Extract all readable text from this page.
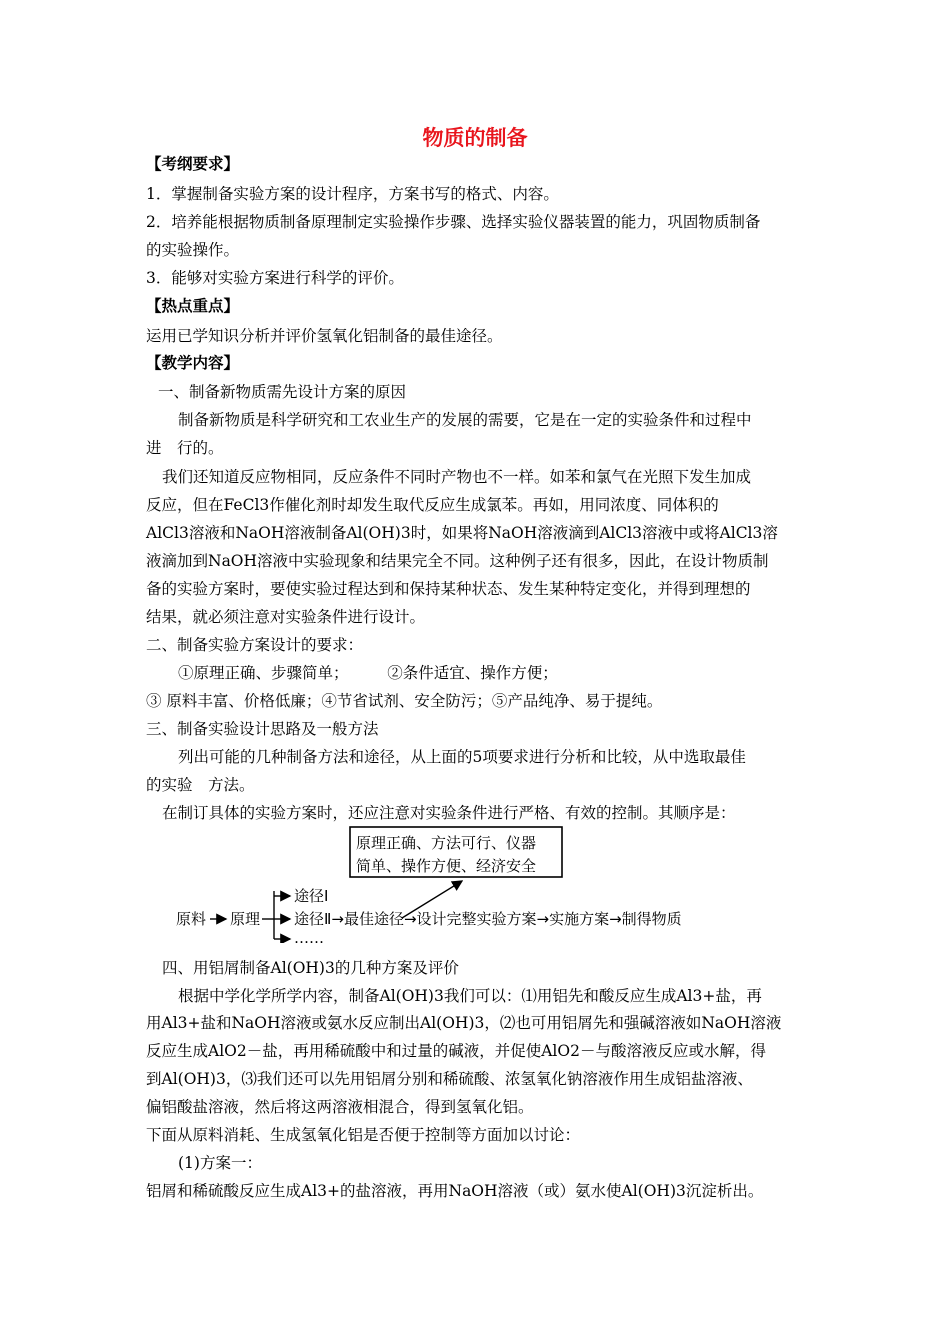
物质的制备
【考纲要求】
1．掌握制备实验方案的设计程序，方案书写的格式、内容。
2．培养能根据物质制备原理制定实验操作步骤、选择实验仪器装置的能力，巩固物质制备
的实验操作。
3．能够对实验方案进行科学的评价。
【热点重点】
运用已学知识分析并评价氢氧化铝制备的最佳途径。
【教学内容】
一、制备新物质需先设计方案的原因
制备新物质是科学研究和工农业生产的发展的需要，它是在一定的实验条件和过程中
进　行的。
我们还知道反应物相同，反应条件不同时产物也不一样。如苯和氯气在光照下发生加成
反应，但在FeCl3作催化剂时却发生取代反应生成氯苯。再如，用同浓度、同体积的
AlCl3溶液和NaOH溶液制备Al(OH)3时，如果将NaOH溶液滴到AlCl3溶液中或将AlCl3溶
液滴加到NaOH溶液中实验现象和结果完全不同。这种例子还有很多，因此，在设计物质制
备的实验方案时，要使实验过程达到和保持某种状态、发生某种特定变化，并得到理想的
结果，就必须注意对实验条件进行设计。
二、制备实验方案设计的要求：
①原理正确、步骤简单；　　　②条件适宜、操作方便；
③ 原料丰富、价格低廉；④节省试剂、安全防污；⑤产品纯净、易于提纯。
三、制备实验设计思路及一般方法
列出可能的几种制备方法和途径，从上面的5项要求进行分析和比较，从中选取最佳
的实验　方法。
在制订具体的实验方案时，还应注意对实验条件进行严格、有效的控制。其顺序是：
原理正确、方法可行、仪器
简单、操作方便、经济安全
原料 原理
途径Ⅰ
途径Ⅱ→最佳途径→设计完整实验方案→实施方案→制得物质
……
四、用铝屑制备Al(OH)3的几种方案及评价
根据中学化学所学内容，制备Al(OH)3我们可以：⑴用铝先和酸反应生成Al3+盐，再
用Al3+盐和NaOH溶液或氨水反应制出Al(OH)3，⑵也可用铝屑先和强碱溶液如NaOH溶液
反应生成AlO2－盐，再用稀硫酸中和过量的碱液，并促使AlO2－与酸溶液反应或水解，得
到Al(OH)3，⑶我们还可以先用铝屑分别和稀硫酸、浓氢氧化钠溶液作用生成铝盐溶液、
偏铝酸盐溶液，然后将这两溶液相混合，得到氢氧化铝。
下面从原料消耗、生成氢氧化铝是否便于控制等方面加以讨论：
(1)方案一：
铝屑和稀硫酸反应生成Al3+的盐溶液，再用NaOH溶液（或）氨水使Al(OH)3沉淀析出。
